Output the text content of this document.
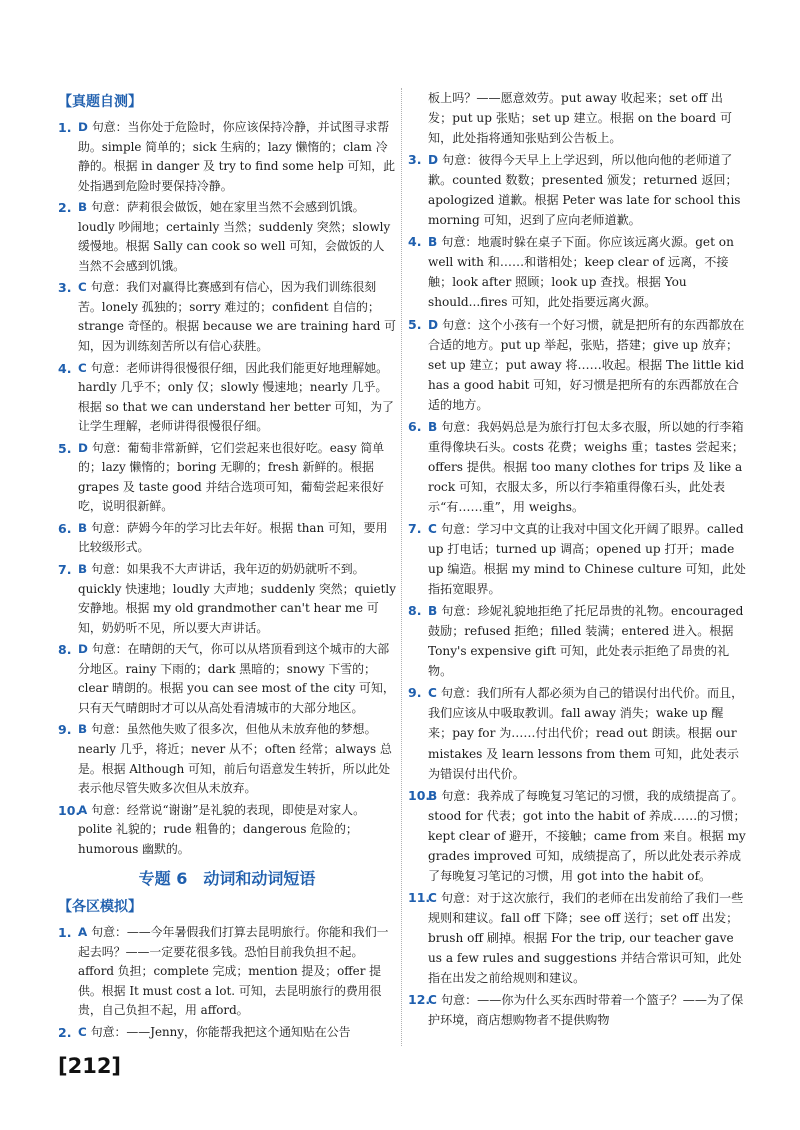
【真题自测】
1. D 句意：当你处于危险时，你应该保持冷静，并试图寻求帮助。simple 简单的；sick 生病的；lazy 懒惰的；clam 冷静的。根据 in danger 及 try to find some help 可知，此处指遇到危险时要保持冷静。
2. B 句意：萨莉很会做饭，她在家里当然不会感到饥饿。loudly 吵闹地；certainly 当然；suddenly 突然；slowly 缓慢地。根据 Sally can cook so well 可知，会做饭的人当然不会感到饥饿。
3. C 句意：我们对赢得比赛感到有信心，因为我们训练很刻苦。lonely 孤独的；sorry 难过的；confident 自信的；strange 奇怪的。根据 because we are training hard 可知，因为训练刻苦所以有信心获胜。
4. C 句意：老师讲得很慢很仔细，因此我们能更好地理解她。hardly 几乎不；only 仅；slowly 慢速地；nearly 几乎。根据 so that we can understand her better 可知，为了让学生理解，老师讲得很慢很仔细。
5. D 句意：葡萄非常新鲜，它们尝起来也很好吃。easy 简单的；lazy 懒惰的；boring 无聊的；fresh 新鲜的。根据 grapes 及 taste good 并结合选项可知，葡萄尝起来很好吃，说明很新鲜。
6. B 句意：萨姆今年的学习比去年好。根据 than 可知，要用比较级形式。
7. B 句意：如果我不大声讲话，我年迈的奶奶就听不到。quickly 快速地；loudly 大声地；suddenly 突然；quietly 安静地。根据 my old grandmother can't hear me 可知，奶奶听不见，所以要大声讲话。
8. D 句意：在晴朗的天气，你可以从塔顶看到这个城市的大部分地区。rainy 下雨的；dark 黑暗的；snowy 下雪的；clear 晴朗的。根据 you can see most of the city 可知，只有天气晴朗时才可以从高处看清城市的大部分地区。
9. B 句意：虽然他失败了很多次，但他从未放弃他的梦想。nearly 几乎，将近；never 从不；often 经常；always 总是。根据 Although 可知，前后句语意发生转折，所以此处表示他尽管失败多次但从未放弃。
10.
A 句意：经常说“谢谢”是礼貌的表现，即使是对家人。polite 礼貌的；rude 粗鲁的；dangerous 危险的；humorous 幽默的。
专题 6　动词和动词短语
【各区模拟】
1. A 句意：——今年暑假我们打算去昆明旅行。你能和我们一起去吗？——一定要花很多钱。恐怕目前我负担不起。afford 负担；complete 完成；mention 提及；offer 提供。根据 It must cost a lot. 可知，去昆明旅行的费用很贵，自己负担不起，用 afford。
2. C 句意：——Jenny，你能帮我把这个通知贴在公告
板上吗？——愿意效劳。put away 收起来；set off 出发；put up 张贴；set up 建立。根据 on the board 可知，此处指将通知张贴到公告板上。
3. D 句意：彼得今天早上上学迟到，所以他向他的老师道了歉。counted 数数；presented 颁发；returned 返回；apologized 道歉。根据 Peter was late for school this morning 可知，迟到了应向老师道歉。
4. B 句意：地震时躲在桌子下面。你应该远离火源。get on well with 和……和谐相处；keep clear of 远离，不接触；look after 照顾；look up 查找。根据 You should...fires 可知，此处指要远离火源。
5. D 句意：这个小孩有一个好习惯，就是把所有的东西都放在合适的地方。put up 举起，张贴，搭建；give up 放弃；set up 建立；put away 将……收起。根据 The little kid has a good habit 可知，好习惯是把所有的东西都放在合适的地方。
6. B 句意：我妈妈总是为旅行打包太多衣服，所以她的行李箱重得像块石头。costs 花费；weighs 重；tastes 尝起来；offers 提供。根据 too many clothes for trips 及 like a rock 可知，衣服太多，所以行李箱重得像石头，此处表示“有……重”，用 weighs。
7. C 句意：学习中文真的让我对中国文化开阔了眼界。called up 打电话；turned up 调高；opened up 打开；made up 编造。根据 my mind to Chinese culture 可知，此处指拓宽眼界。
8. B 句意：珍妮礼貌地拒绝了托尼昂贵的礼物。encouraged 鼓励；refused 拒绝；filled 装满；entered 进入。根据 Tony's expensive gift 可知，此处表示拒绝了昂贵的礼物。
9. C 句意：我们所有人都必须为自己的错误付出代价。而且，我们应该从中吸取教训。fall away 消失；wake up 醒来；pay for 为……付出代价；read out 朗读。根据 our mistakes 及 learn lessons from them 可知，此处表示为错误付出代价。
10.
B 句意：我养成了每晚复习笔记的习惯，我的成绩提高了。stood for 代表；got into the habit of 养成……的习惯；kept clear of 避开，不接触；came from 来自。根据 my grades improved 可知，成绩提高了，所以此处表示养成了每晚复习笔记的习惯，用 got into the habit of。
11.
C 句意：对于这次旅行，我们的老师在出发前给了我们一些规则和建议。fall off 下降；see off 送行；set off 出发；brush off 刷掉。根据 For the trip, our teacher gave us a few rules and suggestions 并结合常识可知，此处指在出发之前给规则和建议。
12.
C 句意：——你为什么买东西时带着一个篮子？——为了保护环境，商店想购物者不提供购物
[212]
